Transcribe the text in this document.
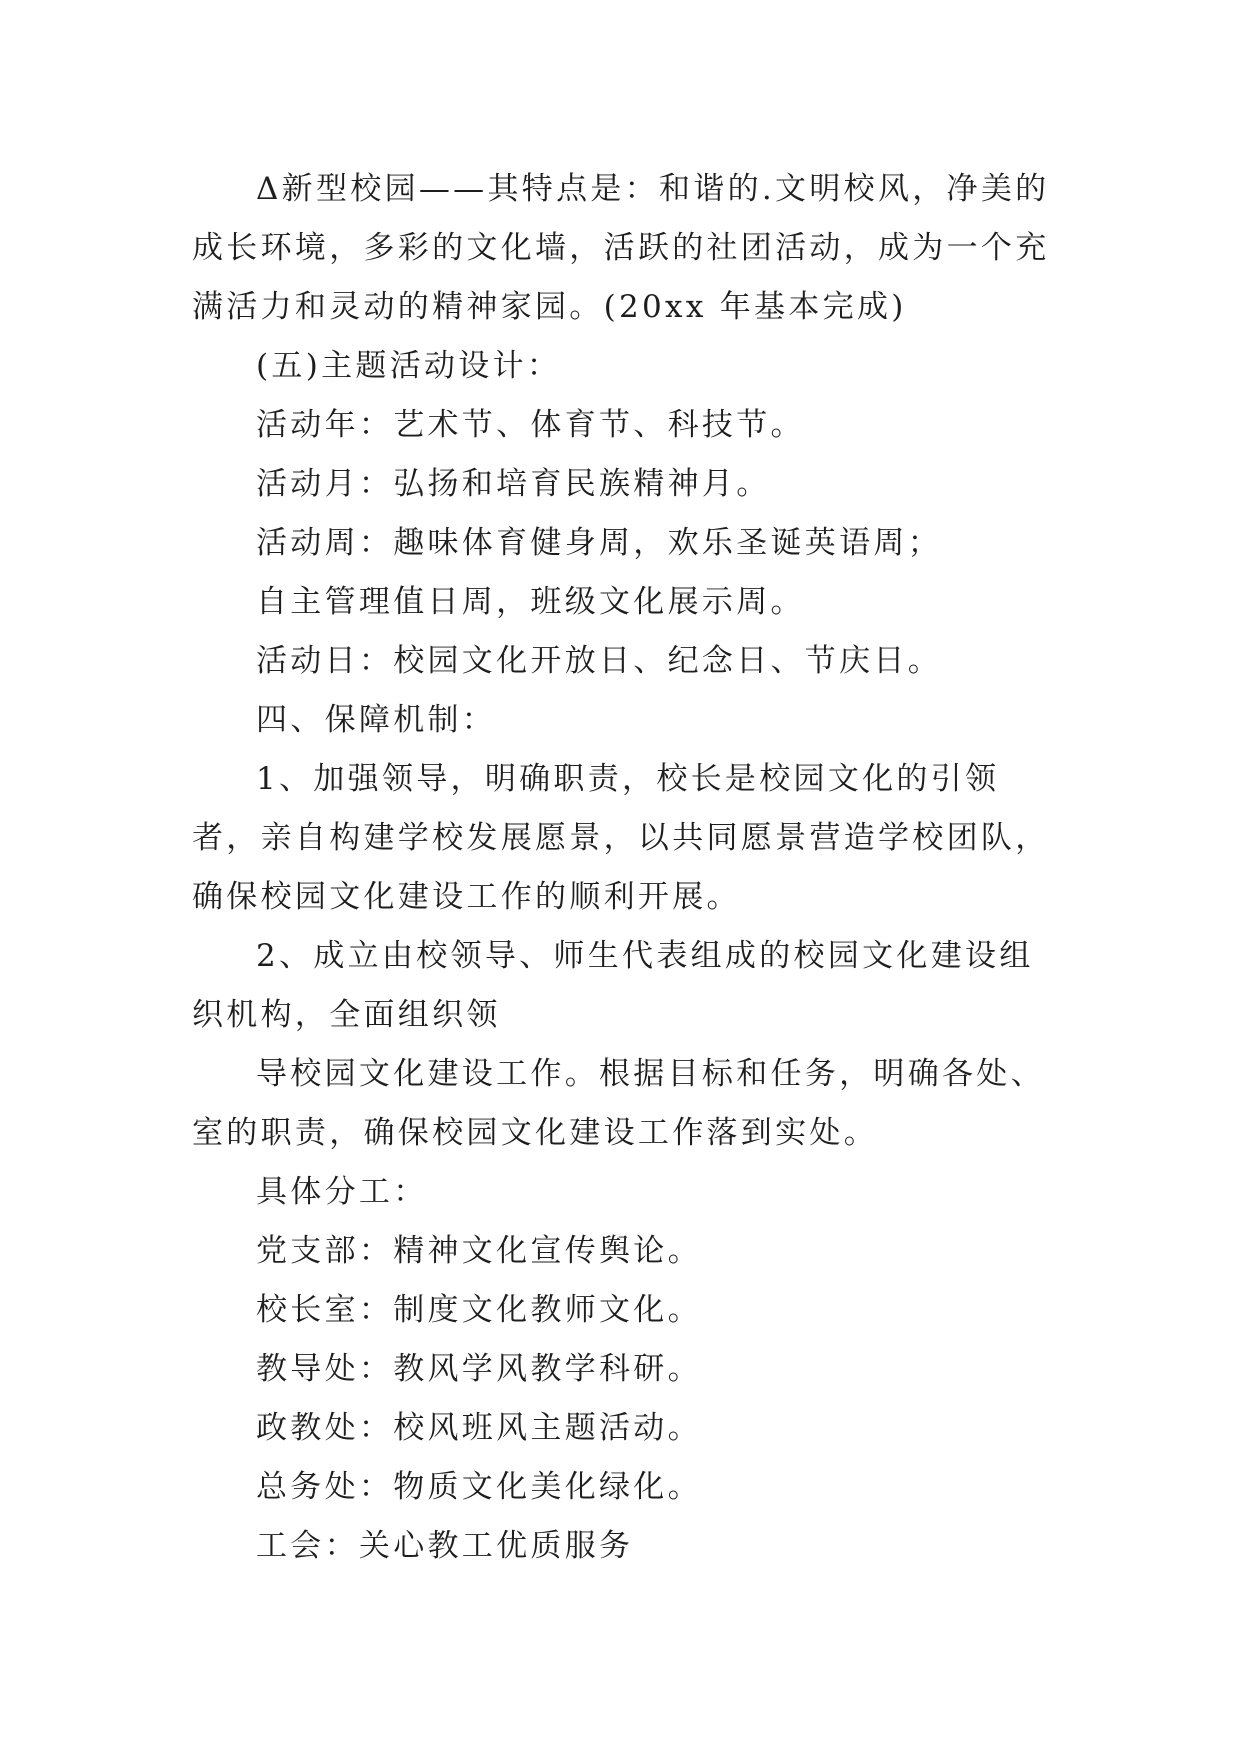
Δ新型校园——其特点是：和谐的.文明校风，净美的成长环境，多彩的文化墙，活跃的社团活动，成为一个充满活力和灵动的精神家园。(20xx 年基本完成)

(五)主题活动设计：

活动年：艺术节、体育节、科技节。

活动月：弘扬和培育民族精神月。

活动周：趣味体育健身周，欢乐圣诞英语周；

自主管理值日周，班级文化展示周。

活动日：校园文化开放日、纪念日、节庆日。

四、保障机制：

1、加强领导，明确职责，校长是校园文化的引领者，亲自构建学校发展愿景，以共同愿景营造学校团队，确保校园文化建设工作的顺利开展。

2、成立由校领导、师生代表组成的校园文化建设组织机构，全面组织领

导校园文化建设工作。根据目标和任务，明确各处、室的职责，确保校园文化建设工作落到实处。

具体分工：

党支部：精神文化宣传舆论。

校长室：制度文化教师文化。

教导处：教风学风教学科研。

政教处：校风班风主题活动。

总务处：物质文化美化绿化。

工会：关心教工优质服务
